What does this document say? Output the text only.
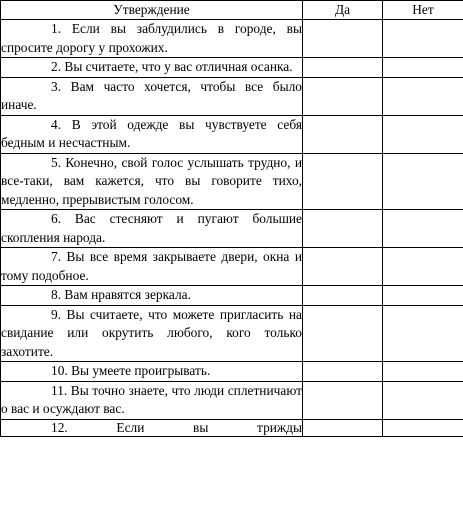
Утверждение	Да	Нет
1. Если вы заблудились в городе, вы спросите дорогу у прохожих.		
2. Вы считаете, что у вас отличная осанка.		
3. Вам часто хочется, чтобы все было иначе.		
4. В этой одежде вы чувствуете себя бедным и несчастным.		
5. Конечно, свой голос услышать трудно, и все-таки, вам кажется, что вы говорите тихо, медленно, прерывистым голосом.		
6. Вас стесняют и пугают большие скопления народа.		
7. Вы все время закрываете двери, окна и тому подобное.		
8. Вам нравятся зеркала.		
9. Вы считаете, что можете пригласить на свидание или окрутить любого, кого только захотите.		
10. Вы умеете проигрывать.		
11. Вы точно знаете, что люди сплетничают о вас и осуждают вас.		
12. Если вы трижды		
